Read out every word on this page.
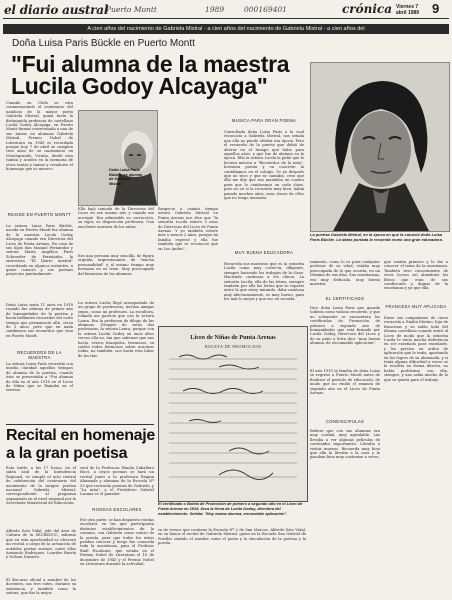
el diario austral
Puerto Montt	1989	000169401	crónica Viernes 7
abril 1989 9
A cien años del nacimiento de Gabriela Mistral - a cien años del nacimiento de Gabriela Mistral - a cien años del
Doña Luisa Paris Bückle en Puerto Montt
"Fui alumna de la maestra
Lucila Godoy Alcayaga"
La poetisa Gabriela Mistral, en la época en que la conoció doña Luisa Paris Bückle. La dama portada la recuerda como una gran educadora.
Cuando en Chile se esta conmemorando el centenario del natalicio de la mayor poeta Gabriela Mistral, quien fuera la distinguida profesora de castellano Lucila Godoy Alcayaga, en Puerto Montt fuimos entrevistada a una de sus tantas ex alumnas Gabriela Mistral, Premio Nobel de Literatura en 1945 es recordada porque hoy 7 de abril se cumplen cien años de su nacimiento en Montegrande, Vicuña, desde esta tumba y acudes en la memoria de otros tantas y tantos y creadores el homenaje que se merece.
RESIDE EN PUERTO MONTT
La señora Luisa Paris Bückle, nacida en Puerto Montt fue alumna de la maestra Lucila Godoy Alcayaga cuando era Directora del Liceo de Punta Arenas. En casa de sus hijos don Manuel Fernández y señora María Angélica Paris Schroeder de Fernández, la entrevista "El Diario Austral" recordando en algunos instantes, a quien conoció y sus poemas proyectos puntualmente.
Doña Luisa tenía 11 años en 1918 cuando fue alumna de primer año de humanidades de la poetisa y hacía brillantes recuerdos del corto tiempo que permaneció allá, cerca de 2 años, pero que en nada cambiaron sus recuerdos que vino en Puerto Montt.
RECUERDOS DE LA MAESTRA
La señora Luisa Paris recuerda con mucha claridad aquellos tiempos de alumna de la poetisa, cuando ésta se presentaba a "Fui alumna de ella en el año 1918 en el Liceo de Niñas que se llamaba en el terreno.
Doña Luisa Paris Bückle, ex alumna de Gabriela Mistral.
Ella bajó tomada de la Directora del Liceo en ese mismo año y cuando me acerqué. Era admirable su corrección, su rigor, su disposición profesora. Una excelente maestra de los niñas.
Era una persona muy sencilla, de figura erguida, impresionante, de "mucha personalidad" y al mismo tiempo muy hermosa en su trato. Muy preocupada del bienestar de las alumnas.
La señora Lucila llegó acompañada de un grupo de profesoras, incluso amigas suyas, como mi profesora. La escultora, Iolanda me parecía que con la señora Laura. Era la profesora de dibujo de las alumnas. Después de estas dos profesoras, la señora Laura, porque con la señora Lucila Godoy en unos altos versos ella no, tan que sabemos que nos hacía, versos tranquilos, hermosos, su cariño todos hermosos sobre nosotras todas, no también, nos hacía esta labor de las tías.
Respecto a cuánto tiempo estuvo Gabriela Mistral en Punta Arenas nos dice que "la señorita Lucila estuvo 3 años de Directora del Liceo de Punta Arenas. Y yo también estuve más o menos 2 años, porque mi familia regresó y ella fue también que se reconoció que en Los Andes".
MUSICA PARA GRAN POEMA
Consultada doña Luisa Paris a la cual reconocía a Gabriela Mistral, nos señala que ella no puede olvidar esa época. Pero el recuerdo de la puerta que debió de alterar en el tiempo que hubo para aquellos años, y que fue de alumna en la época. Ella la señora Lucila la pidió que le hiciera música a "Recuerdos de la niña", hermosa poesía y en concreto la cantábamos en el colegio. Yo ya después que no tuvo y que se cantaba; creo que ella me dijo que nos mandaba un cuento para que lo cantáramos en cada clase, pero no sé si la recuerda muy bien, había pasado muchos años, esas clases de ellos que no tengo memoria.
MUY BUENA EDUCADORA
Recuerda sus maestras que es la señorita Lucila como muy correcta, diligente, siempre haciendo los trabajos de la clase. Haciendo cariñosas a los chicos. La señorita Lucila; ella de las letras, siempre también por ella las letras que se reparte entre la que estoy mirando, daba cariñosa muy afectuosamente, es muy bueno, para los más lo mejor y que eso en escuela.
tamiento, como lo es para cualquier profesor de su edad, estaba muy preocupada de lo que ocurría, en un término de sus días. Sus enseñanzas, era muy dedicada, muy buena maestra.
EL CERTIFICADO
Dice doña Luisa Paris que guarda todavía como valioso recuerdo, y que no solamente se encuentran los certificados de Promoción de primero a segundo año de humanidades que está firmado por Lucila Godoy, Directora del Liceo y de su puño y letra dice "muy buena alumna, de encomiable aplicación".
El año 1919 la familia de doña Luisa se regresó a Puerto Montt antes de finalizar el período de educación, de modo que no rindió el examen de segundo año en el Liceo de Punta Arenas.
CONDISCIPULAS
Refiere que con sus alumnas era muy cordial, muy agradable. Las llevaba a ver algunas películas de contenidos importantes. Llevaba a visitar museos. Recuerda muy bien que ella la llevaba a la casa y la pasaban bien muy contentas a veces.
que estaba primero y le dio a conocer el tema de la enseñanza. También tuvo conocimiento de otros Liceos así abandonó los libros que eran de sus condiciones y dignas de la enseñanza y ya que ella.
FRANCESA MUY APLICADA
Entre sus compañeras de curso recuerda a Emilia Merino, hija de francesas y su salón todo del idioma castellano cuando entró al Liceo de modo que la señorita Lucila le tenía mucha deferencia en ser enseñado para enseñarle, y les preciso en orden de aplicación que le tenía, apartando en los logros de su alumnada, y si tenía alguna dificultad a veces se le resolvía en forma directa, no había problemas con ella, siempre, y uno sabía mucho de lo que se quería para el trabajo.
Liceo de Niñas de Punta Arenas
BOLETA DE PROMOCION
El certificado o Boleta de Promoción de primero a segundo año en el Liceo de Punta Arenas en 1919, lleva la firma de Lucila Godoy, directora del establecimiento. Señala: "Muy buena alumna, enromiable aplicación".
Recital en homenaje
a la gran poetisa
Esta tarde, a las 17 horas, en el salón azul de la Intendencia Regional, se cumple el acto central de celebración del centenario del nacimiento de la insigne poetisa nacional Gabriela Mistral, correspondiente al programa organizado en el nivel regional por la Secretaría Ministerial de Educación.
Alfredo Soto Vidal, jefe del área de Cultura de la SECREDUC, informó que en esta oportunidad se ofrecerá un recital a cargo de la actuación de notables poetas surinos, entre ellos Armando Rodríguez, Lourdes Barría y Nelson Navarro.
El discurso oficial a nombre de los docentes, sus tres vates, durante su existencia, y también como la señora, que fue la mejor.
será de la Profesora Wanda Caballero Ricci, a cuyos poemas se hará un recital junto a la profesora Regina Ahumada y alumnas de la Escuela Nº 53 que recitarán poemas de Gabriela, y "La niña", y el Presbítero Gabriel Lizama es el ganador.
RONDAS ESCOLARES
Por otra parte, se han dispuesto rondas escolares en las que participarán distintos establecimientos de la comuna, con Gabriela como centro de la poesía, para que todos los niños puedan conocer y luego fue conocida toda la enseñanza, para el Profesor Raúl Escalante, que estaba en el Premio Nobel de Literatura el 10 de diciembre de 1945 y el Premio Nobel en Literatura durante la actividad.
ra de versos que contiene la Escuela Nº 2 de San Marcos. Alfredo Soto Vidal, en su honor el recital de Gabriela Mistral, quien en la Escuela San Gabriel de Pozillos sentido el nombre como el poeta y la vinculación de la poetisa y la poesía.
